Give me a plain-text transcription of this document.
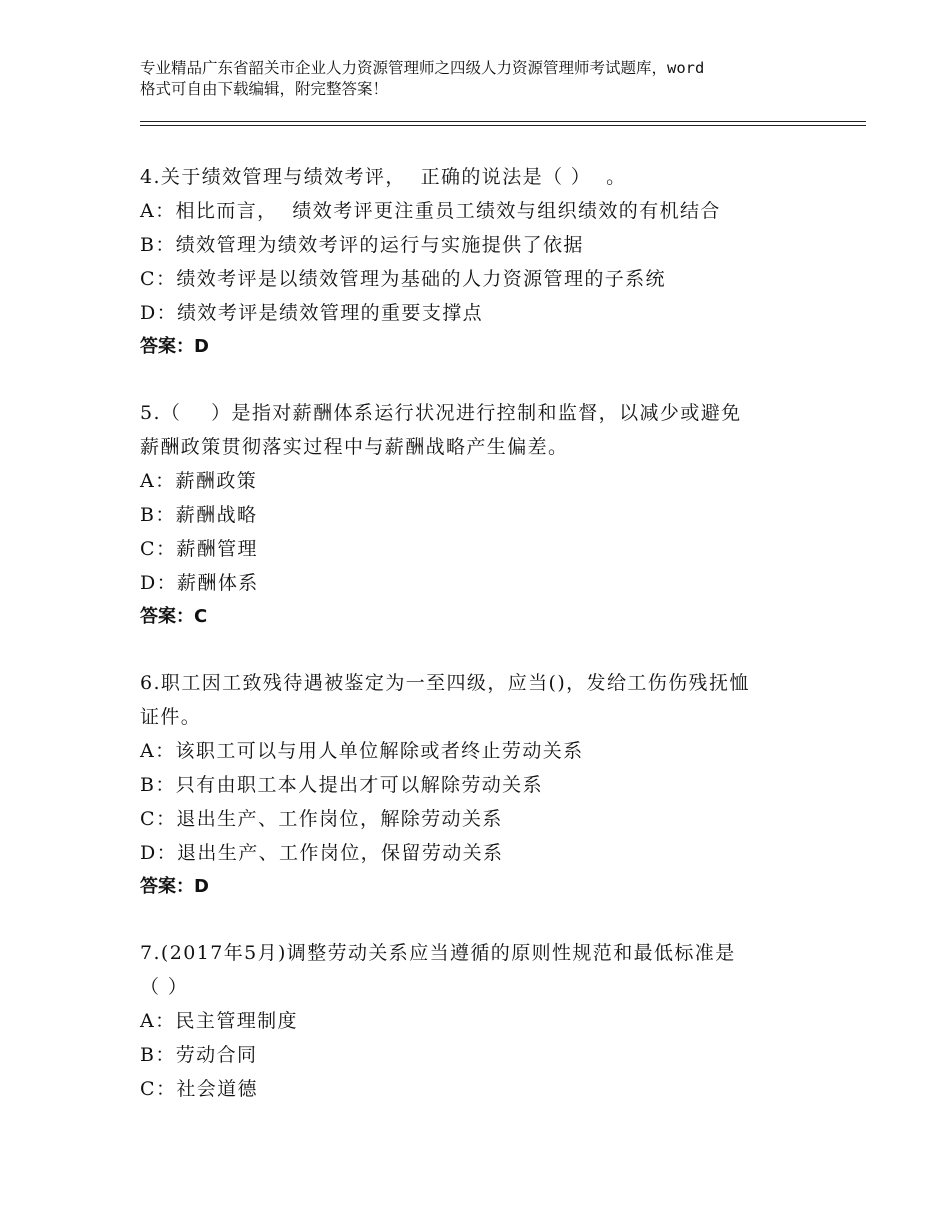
专业精品广东省韶关市企业人力资源管理师之四级人力资源管理师考试题库，word
格式可自由下载编辑，附完整答案！
4.关于绩效管理与绩效考评，  正确的说法是（ ）  。
A：相比而言，  绩效考评更注重员工绩效与组织绩效的有机结合
B：绩效管理为绩效考评的运行与实施提供了依据
C：绩效考评是以绩效管理为基础的人力资源管理的子系统
D：绩效考评是绩效管理的重要支撑点
答案：D
5.（    ）是指对薪酬体系运行状况进行控制和监督，以减少或避免
薪酬政策贯彻落实过程中与薪酬战略产生偏差。
A：薪酬政策
B：薪酬战略
C：薪酬管理
D：薪酬体系
答案：C
6.职工因工致残待遇被鉴定为一至四级，应当()，发给工伤伤残抚恤
证件。
A：该职工可以与用人单位解除或者终止劳动关系
B：只有由职工本人提出才可以解除劳动关系
C：退出生产、工作岗位，解除劳动关系
D：退出生产、工作岗位，保留劳动关系
答案：D
7.(2017年5月)调整劳动关系应当遵循的原则性规范和最低标准是
（ ）
A：民主管理制度
B：劳动合同
C：社会道德
